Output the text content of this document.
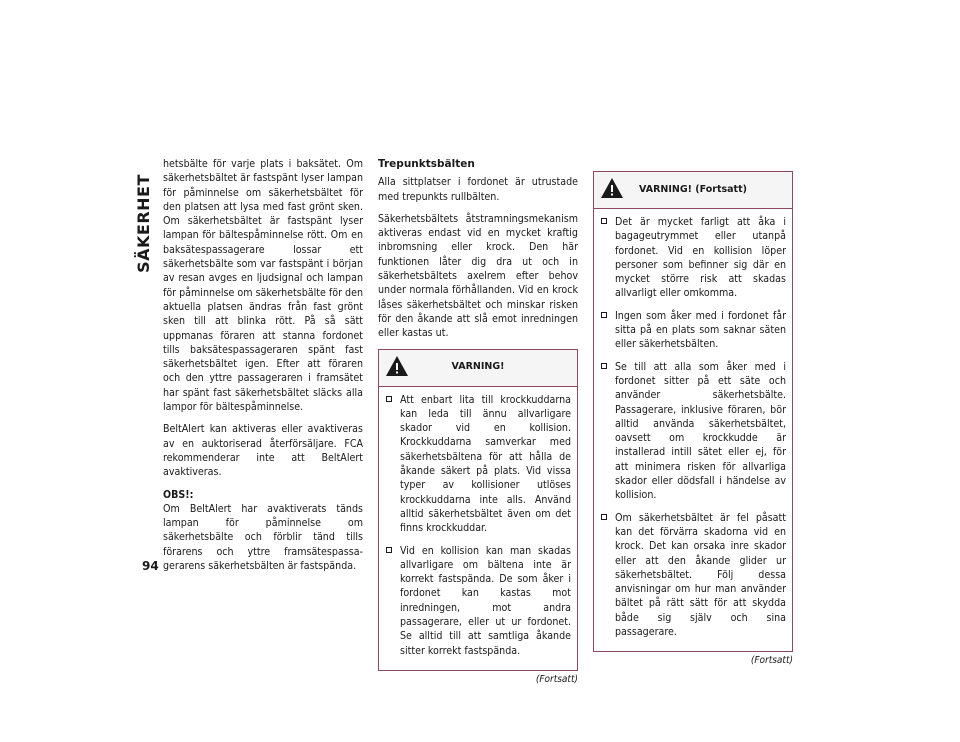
SÄKERHET
94

hetsbälte för varje plats i baksätet. Om säkerhetsbältet är fastspänt lyser lampan för påminnelse om säkerhetsbältet för den platsen att lysa med fast grönt sken. Om säkerhetsbältet är fastspänt lyser lampan för bältespåminnelse rött. Om en baksätespassagerare lossar ett säkerhetsbälte som var fastspänt i början av resan avges en ljudsignal och lampan för påminnelse om säkerhetsbälte för den aktuella platsen ändras från fast grönt sken till att blinka rött. På så sätt uppmanas föraren att stanna fordonet tills baksätespassageraren spänt fast säkerhetsbältet igen. Efter att föraren och den yttre passageraren i framsätet har spänt fast säkerhetsbältet släcks alla lampor för bältespåminnelse.

BeltAlert kan aktiveras eller avaktiveras av en auktoriserad återförsäljare. FCA rekommenderar inte att BeltAlert avaktiveras.

OBS!:
Om BeltAlert har avaktiverats tänds lampan för påminnelse om säkerhetsbälte och förblir tänd tills förarens och yttre framsätespassagerarens säkerhetsbälten är fastspända.

Trepunktsbälten

Alla sittplatser i fordonet är utrustade med trepunkts rullbälten.

Säkerhetsbältets åtstramningsmekanism aktiveras endast vid en mycket kraftig inbromsning eller krock. Den här funktionen låter dig dra ut och in säkerhetsbältets axelrem efter behov under normala förhållanden. Vid en krock låses säkerhetsbältet och minskar risken för den åkande att slå emot inredningen eller kastas ut.

VARNING!
Att enbart lita till krockkuddarna kan leda till ännu allvarligare skador vid en kollision. Krockkuddarna samverkar med säkerhetsbältena för att hålla de åkande säkert på plats. Vid vissa typer av kollisioner utlöses krockkuddarna inte alls. Använd alltid säkerhetsbältet även om det finns krockkuddar.
Vid en kollision kan man skadas allvarligare om bältena inte är korrekt fastspända. De som åker i fordonet kan kastas mot inredningen, mot andra passagerare, eller ut ur fordonet. Se alltid till att samtliga åkande sitter korrekt fastspända.
(Fortsatt)
VARNING! (Fortsatt)
Det är mycket farligt att åka i bagageutrymmet eller utanpå fordonet. Vid en kollision löper personer som befinner sig där en mycket större risk att skadas allvarligt eller omkomma.
Ingen som åker med i fordonet får sitta på en plats som saknar säten eller säkerhetsbälten.
Se till att alla som åker med i fordonet sitter på ett säte och använder säkerhetsbälte. Passagerare, inklusive föraren, bör alltid använda säkerhetsbältet, oavsett om krockkudde är installerad intill sätet eller ej, för att minimera risken för allvarliga skador eller dödsfall i händelse av kollision.
Om säkerhetsbältet är fel påsatt kan det förvärra skadorna vid en krock. Det kan orsaka inre skador eller att den åkande glider ur säkerhetsbältet. Följ dessa anvisningar om hur man använder bältet på rätt sätt för att skydda både sig själv och sina passagerare.
(Fortsatt)
